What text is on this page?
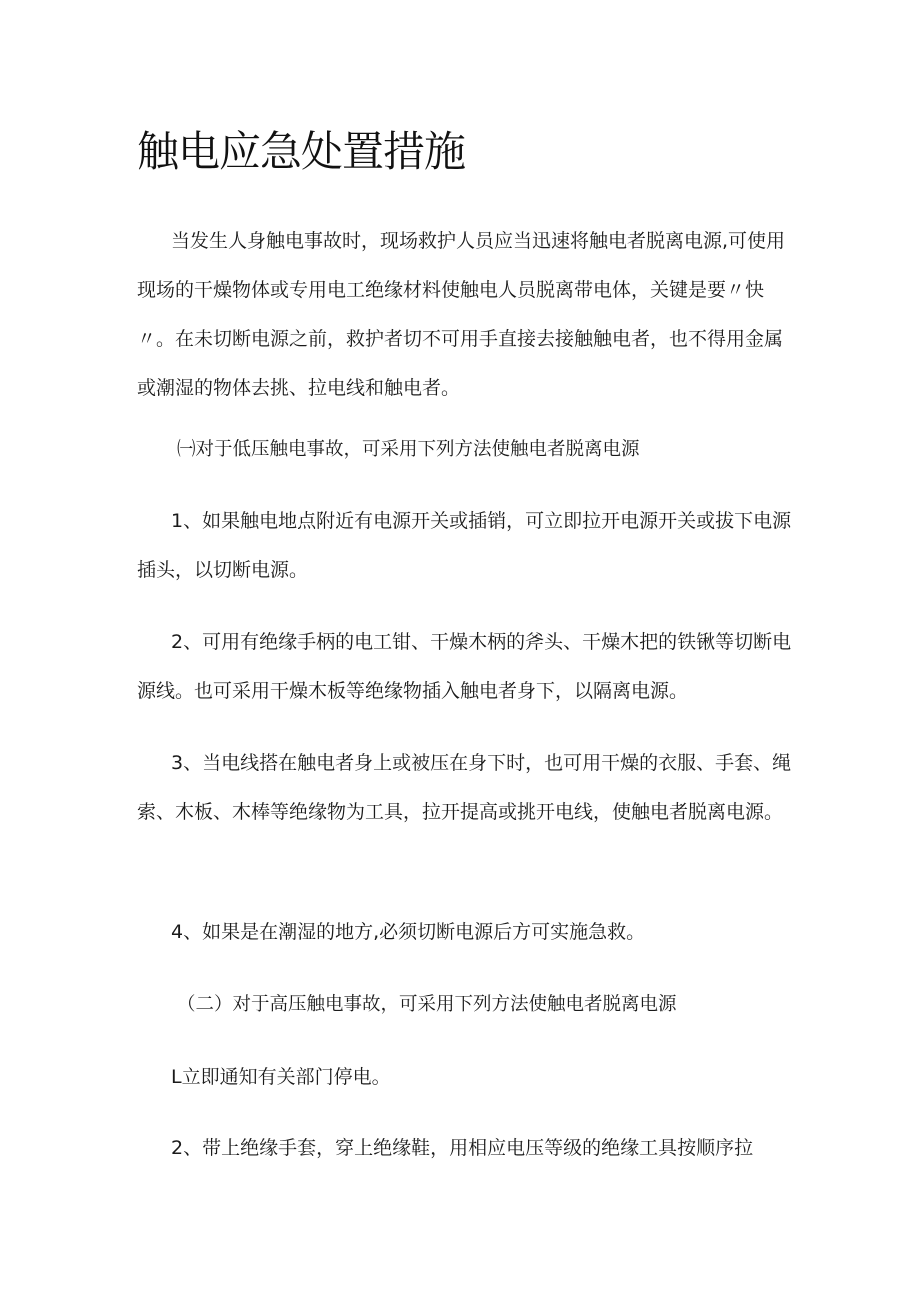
触电应急处置措施

当发生人身触电事故时，现场救护人员应当迅速将触电者脱离电源,可使用现场的干燥物体或专用电工绝缘材料使触电人员脱离带电体，关键是要〃快〃。在未切断电源之前，救护者切不可用手直接去接触触电者，也不得用金属或潮湿的物体去挑、拉电线和触电者。

㈠对于低压触电事故，可采用下列方法使触电者脱离电源

1、如果触电地点附近有电源开关或插销，可立即拉开电源开关或拔下电源插头，以切断电源。

2、可用有绝缘手柄的电工钳、干燥木柄的斧头、干燥木把的铁锹等切断电源线。也可采用干燥木板等绝缘物插入触电者身下，以隔离电源。

3、当电线搭在触电者身上或被压在身下时，也可用干燥的衣服、手套、绳索、木板、木棒等绝缘物为工具，拉开提高或挑开电线，使触电者脱离电源。

4、如果是在潮湿的地方,必须切断电源后方可实施急救。

（二）对于高压触电事故，可采用下列方法使触电者脱离电源

L立即通知有关部门停电。

2、带上绝缘手套，穿上绝缘鞋，用相应电压等级的绝缘工具按顺序拉
